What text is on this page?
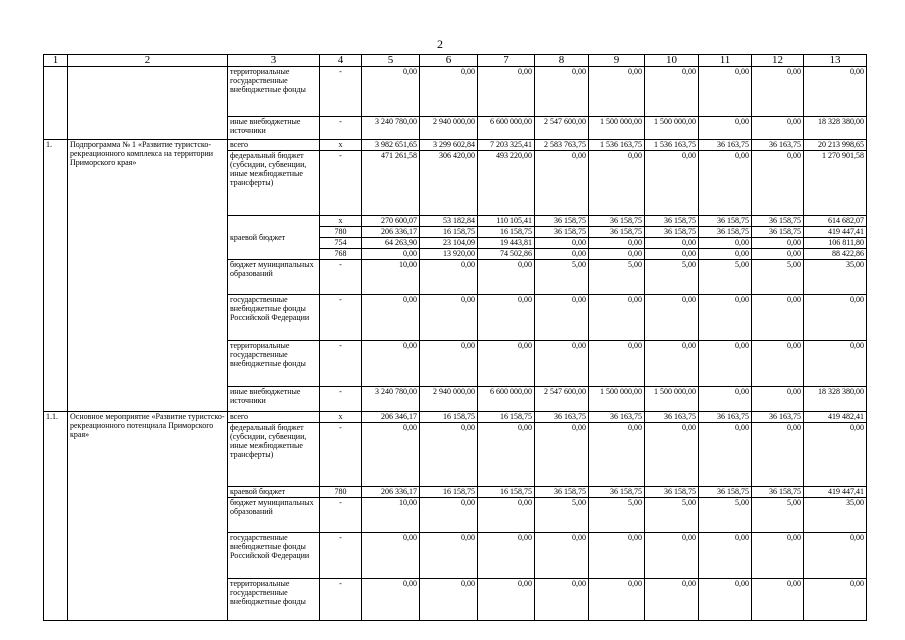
2
1	2	3	4	5	6	7	8	9	10	11	12	13
		территориальные государственные внебюджетные фонды	-	0,00	0,00	0,00	0,00	0,00	0,00	0,00	0,00	0,00
		иные внебюджетные источники	-	3 240 780,00	2 940 000,00	6 600 000,00	2 547 600,00	1 500 000,00	1 500 000,00	0,00	0,00	18 328 380,00
1.	Подпрограмма № 1 «Развитие туристско-рекреационного комплекса на территории Приморского края»	всего	x	3 982 651,65	3 299 602,84	7 203 325,41	2 583 763,75	1 536 163,75	1 536 163,75	36 163,75	36 163,75	20 213 998,65
		федеральный бюджет (субсидии, субвенции, иные межбюджетные трансферты)	-	471 261,58	306 420,00	493 220,00	0,00	0,00	0,00	0,00	0,00	1 270 901,58
		краевой бюджет	x	270 600,07	53 182,84	110 105,41	36 158,75	36 158,75	36 158,75	36 158,75	36 158,75	614 682,07
			780	206 336,17	16 158,75	16 158,75	36 158,75	36 158,75	36 158,75	36 158,75	36 158,75	419 447,41
			754	64 263,90	23 104,09	19 443,81	0,00	0,00	0,00	0,00	0,00	106 811,80
			768	0,00	13 920,00	74 502,86	0,00	0,00	0,00	0,00	0,00	88 422,86
		бюджет муниципальных образований	-	10,00	0,00	0,00	5,00	5,00	5,00	5,00	5,00	35,00
		государственные внебюджетные фонды Российской Федерации	-	0,00	0,00	0,00	0,00	0,00	0,00	0,00	0,00	0,00
		территориальные государственные внебюджетные фонды	-	0,00	0,00	0,00	0,00	0,00	0,00	0,00	0,00	0,00
		иные внебюджетные источники	-	3 240 780,00	2 940 000,00	6 600 000,00	2 547 600,00	1 500 000,00	1 500 000,00	0,00	0,00	18 328 380,00
1.1.	Основное мероприятие «Развитие туристско-рекреационного потенциала Приморского края»	всего	x	206 346,17	16 158,75	16 158,75	36 163,75	36 163,75	36 163,75	36 163,75	36 163,75	419 482,41
		федеральный бюджет (субсидии, субвенции, иные межбюджетные трансферты)	-	0,00	0,00	0,00	0,00	0,00	0,00	0,00	0,00	0,00
		краевой бюджет	780	206 336,17	16 158,75	16 158,75	36 158,75	36 158,75	36 158,75	36 158,75	36 158,75	419 447,41
		бюджет муниципальных образований	-	10,00	0,00	0,00	5,00	5,00	5,00	5,00	5,00	35,00
		государственные внебюджетные фонды Российской Федерации	-	0,00	0,00	0,00	0,00	0,00	0,00	0,00	0,00	0,00
		территориальные государственные внебюджетные фонды	-	0,00	0,00	0,00	0,00	0,00	0,00	0,00	0,00	0,00
